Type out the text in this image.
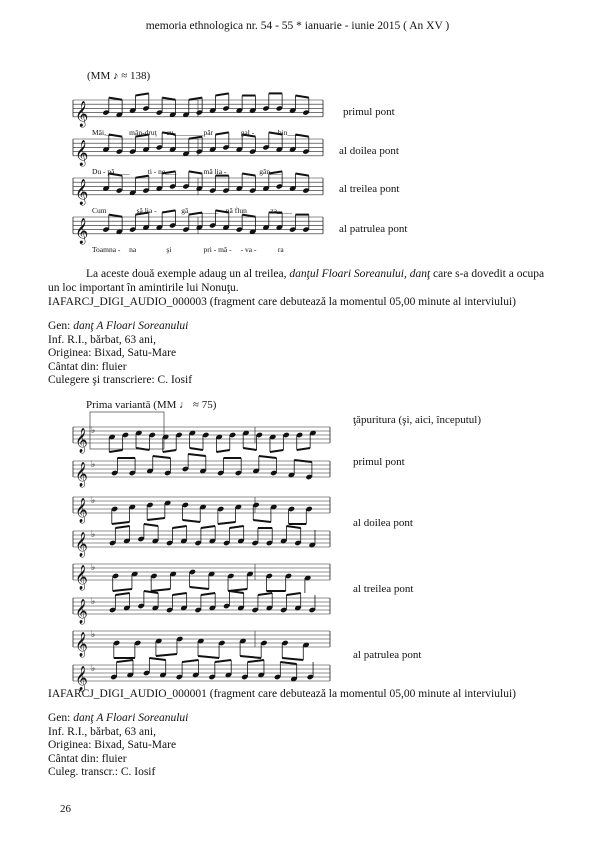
memoria ethnologica nr. 54 - 55 * ianuarie - iunie 2015 ( An XV )
(MM ♪ ≈ 138)
𝄞
𝄞
𝄞
𝄞
𝄞 ♭
𝄞 ♭
𝄞 ♭
𝄞 ♭
𝄞 ♭
𝄞 ♭
𝄞 ♭
𝄞 ♭
Măi,__ mân-druţ cu________ păr	gal -	bin___
Du - pă____ ti - ne___	mă lia -	găn___
Cum	să lia -	gă________ nă flun	za____
Toamna - na	şi	pri - mă - - va -	ra
primul pont
al doilea pont
al treilea pont
al patrulea pont
La aceste două exemple adaug un al treilea, danţul Floari Soreanului, danţ care s-a dovedit a ocupa
un loc important în amintirile lui Nonuţu.
IAFARCJ_DIGI_AUDIO_000003 (fragment care debutează la momentul 05,00 minute al interviului)
Gen: danţ A Floari Soreanului
Inf. R.I., bărbat, 63 ani,
Originea: Bixad, Satu-Mare
Cântat din: fluier
Culegere şi transcriere: C. Iosif
Prima variantă (MM ♩ ≈ 75)
ţăpuritura (şi, aici, începutul)
primul pont
al doilea pont
al treilea pont
al patrulea pont
IAFARCJ_DIGI_AUDIO_000001 (fragment care debutează la momentul 05,00 minute al interviului)
Gen: danţ A Floari Soreanului
Inf. R.I., bărbat, 63 ani,
Originea: Bixad, Satu-Mare
Cântat din: fluier
Culeg. transcr.: C. Iosif
26
